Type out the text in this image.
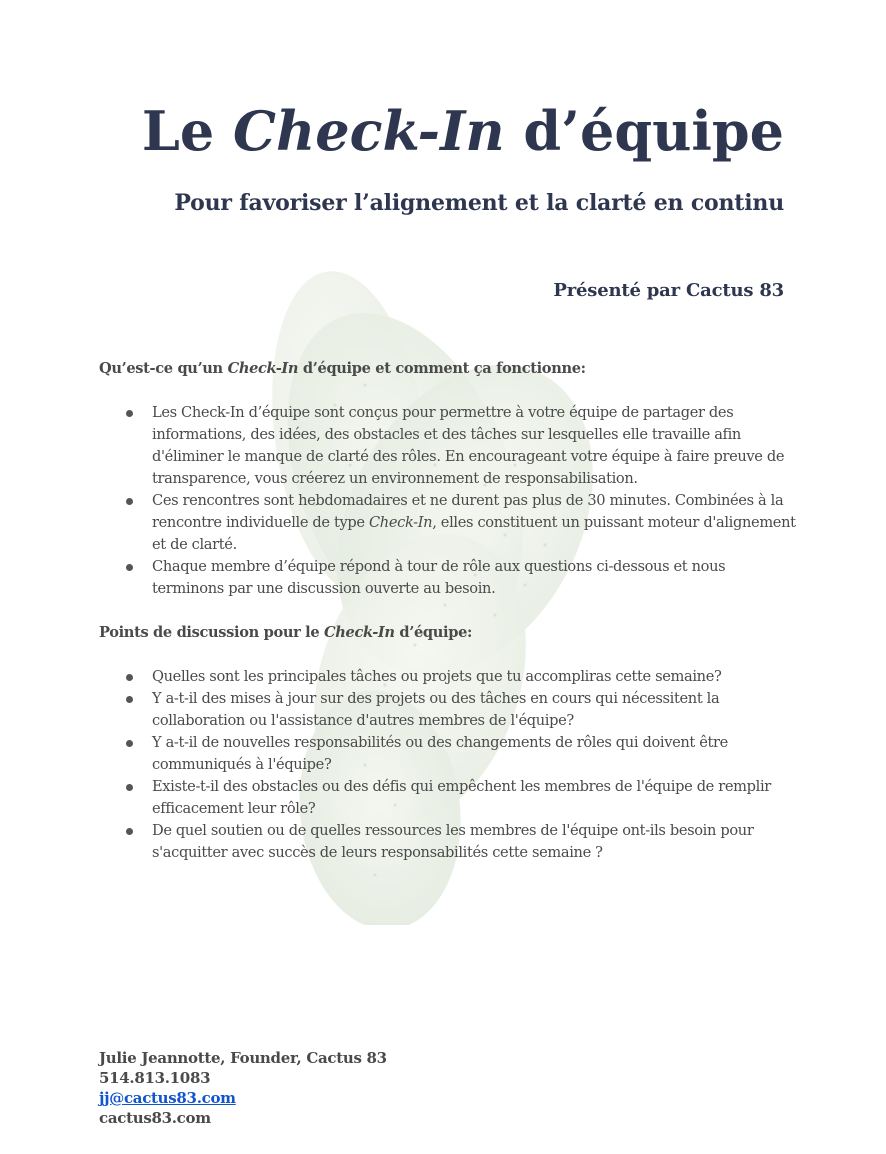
Le Check-In d’équipe

Pour favoriser l’alignement et la clarté en continu

Présenté par Cactus 83

Qu’est-ce qu’un Check-In d’équipe et comment ça fonctionne:

Les Check-In d’équipe sont conçus pour permettre à votre équipe de partager des informations, des idées, des obstacles et des tâches sur lesquelles elle travaille afin d'éliminer le manque de clarté des rôles. En encourageant votre équipe à faire preuve de transparence, vous créerez un environnement de responsabilisation.
Ces rencontres sont hebdomadaires et ne durent pas plus de 30 minutes. Combinées à la rencontre individuelle de type Check-In, elles constituent un puissant moteur d'alignement et de clarté.
Chaque membre d’équipe répond à tour de rôle aux questions ci-dessous et nous terminons par une discussion ouverte au besoin.

Points de discussion pour le Check-In d’équipe:

Quelles sont les principales tâches ou projets que tu accompliras cette semaine?
Y a-t-il des mises à jour sur des projets ou des tâches en cours qui nécessitent la collaboration ou l'assistance d'autres membres de l'équipe?
Y a-t-il de nouvelles responsabilités ou des changements de rôles qui doivent être communiqués à l'équipe?
Existe-t-il des obstacles ou des défis qui empêchent les membres de l'équipe de remplir efficacement leur rôle?
De quel soutien ou de quelles ressources les membres de l'équipe ont-ils besoin pour s'acquitter avec succès de leurs responsabilités cette semaine ?
Julie Jeannotte, Founder, Cactus 83
514.813.1083
jj@cactus83.com
cactus83.com
